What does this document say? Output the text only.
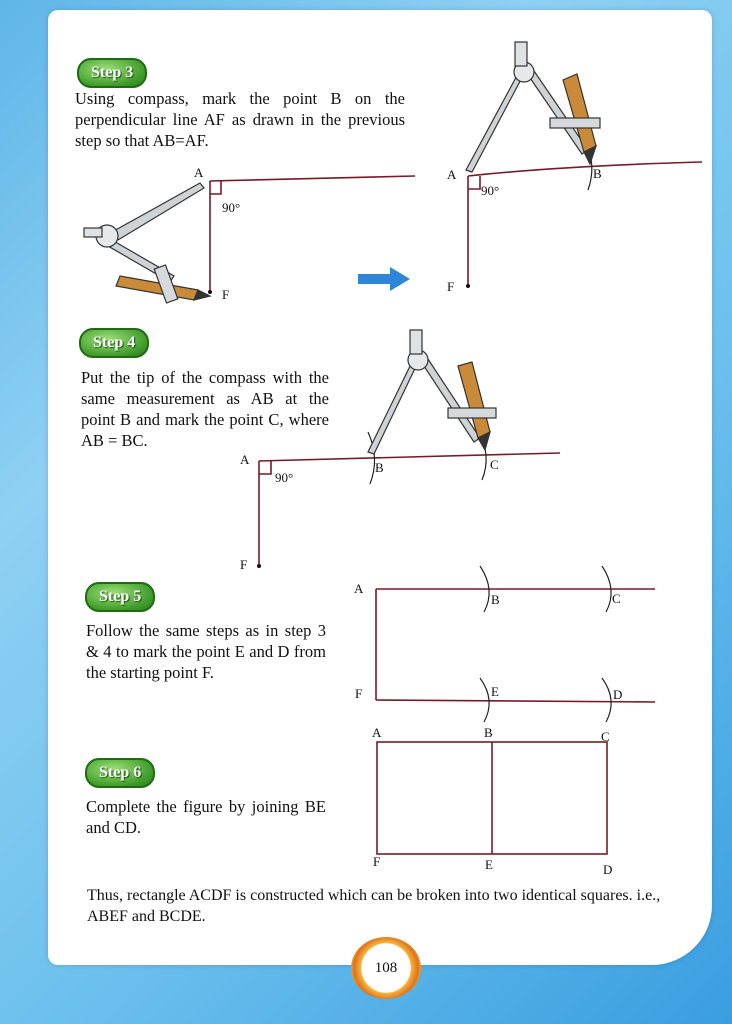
Step 3
Using compass, mark the point B on the perpendicular line AF as drawn in the previous step so that AB=AF.
Step 4
Put the tip of the compass with the same measurement as AB at the point B and mark the point C, where AB = BC.
Step 5
Follow the same steps as in step 3 & 4 to mark the point E and D from the starting point F.
Step 6
Complete the figure by joining BE and CD.
A
90°
F
A	B
90°
F
A
90°
B	C
F
A
B	C
F	E	D
A	B	C
F	E	D
Thus, rectangle ACDF is constructed which can be broken into two identical squares. i.e., ABEF and BCDE.
108
